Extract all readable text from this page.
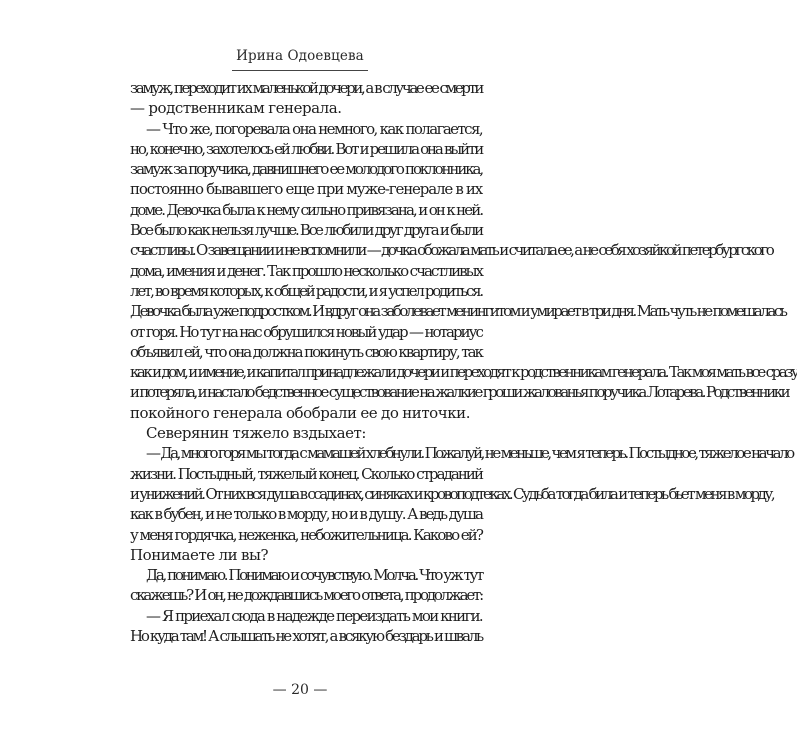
Ирина Одоевцева
замуж, переходит их маленькой дочери, а в случае ее смерти
— родственникам генерала.
— Что же, погоревала она немного, как полагается,
но, конечно, захотелось ей любви. Вот и решила она выйти
замуж за поручика, давнишнего ее молодого поклонника,
постоянно бывавшего еще при муже-генерале в их
доме. Девочка была к нему сильно привязана, и он к ней.
Все было как нельзя лучше. Все любили друг друга и были
счастливы. О завещании и не вспомнили — дочка обожала мать и считала ее, а не себя хозяйкой петербургского
дома, имения и денег. Так прошло несколько счастливых
лет, во время которых, к общей радости, и я успел родиться.
Девочка была уже подростком. И вдруг она заболевает менингитом и умирает в три дня. Мать чуть не помешалась
от горя. Но тут на нас обрушился новый удар — нотариус
объявил ей, что она должна покинуть свою квартиру, так
как и дом, и имение, и капитал принадлежали дочери и переходят к родственникам генерала. Так моя мать все сразу
и потеряла, и настало бедственное существование на жалкие гроши жалованья поручика Лотарева. Родственники
покойного генерала обобрали ее до ниточки.
Северянин тяжело вздыхает:
— Да, много горя мы тогда с мамашей хлебнули. Пожалуй, не меньше, чем я теперь. Постыдное, тяжелое начало
жизни. Постыдный, тяжелый конец. Сколько страданий
и унижений. От них вся душа в ссадинах, синяках и кровоподтеках. Судьба тогда била и теперь бьет меня в морду,
как в бубен, и не только в морду, но и в душу. А ведь душа
у меня гордячка, неженка, небожительница. Каково ей?
Понимаете ли вы?
Да, понимаю. Понимаю и сочувствую. Молча. Что уж тут
скажешь? И он, не дождавшись моего ответа, продолжает:
— Я приехал сюда в надежде переиздать мои книги.
Но куда там! А слышать не хотят, а всякую бездарь и шваль
— 20 —
